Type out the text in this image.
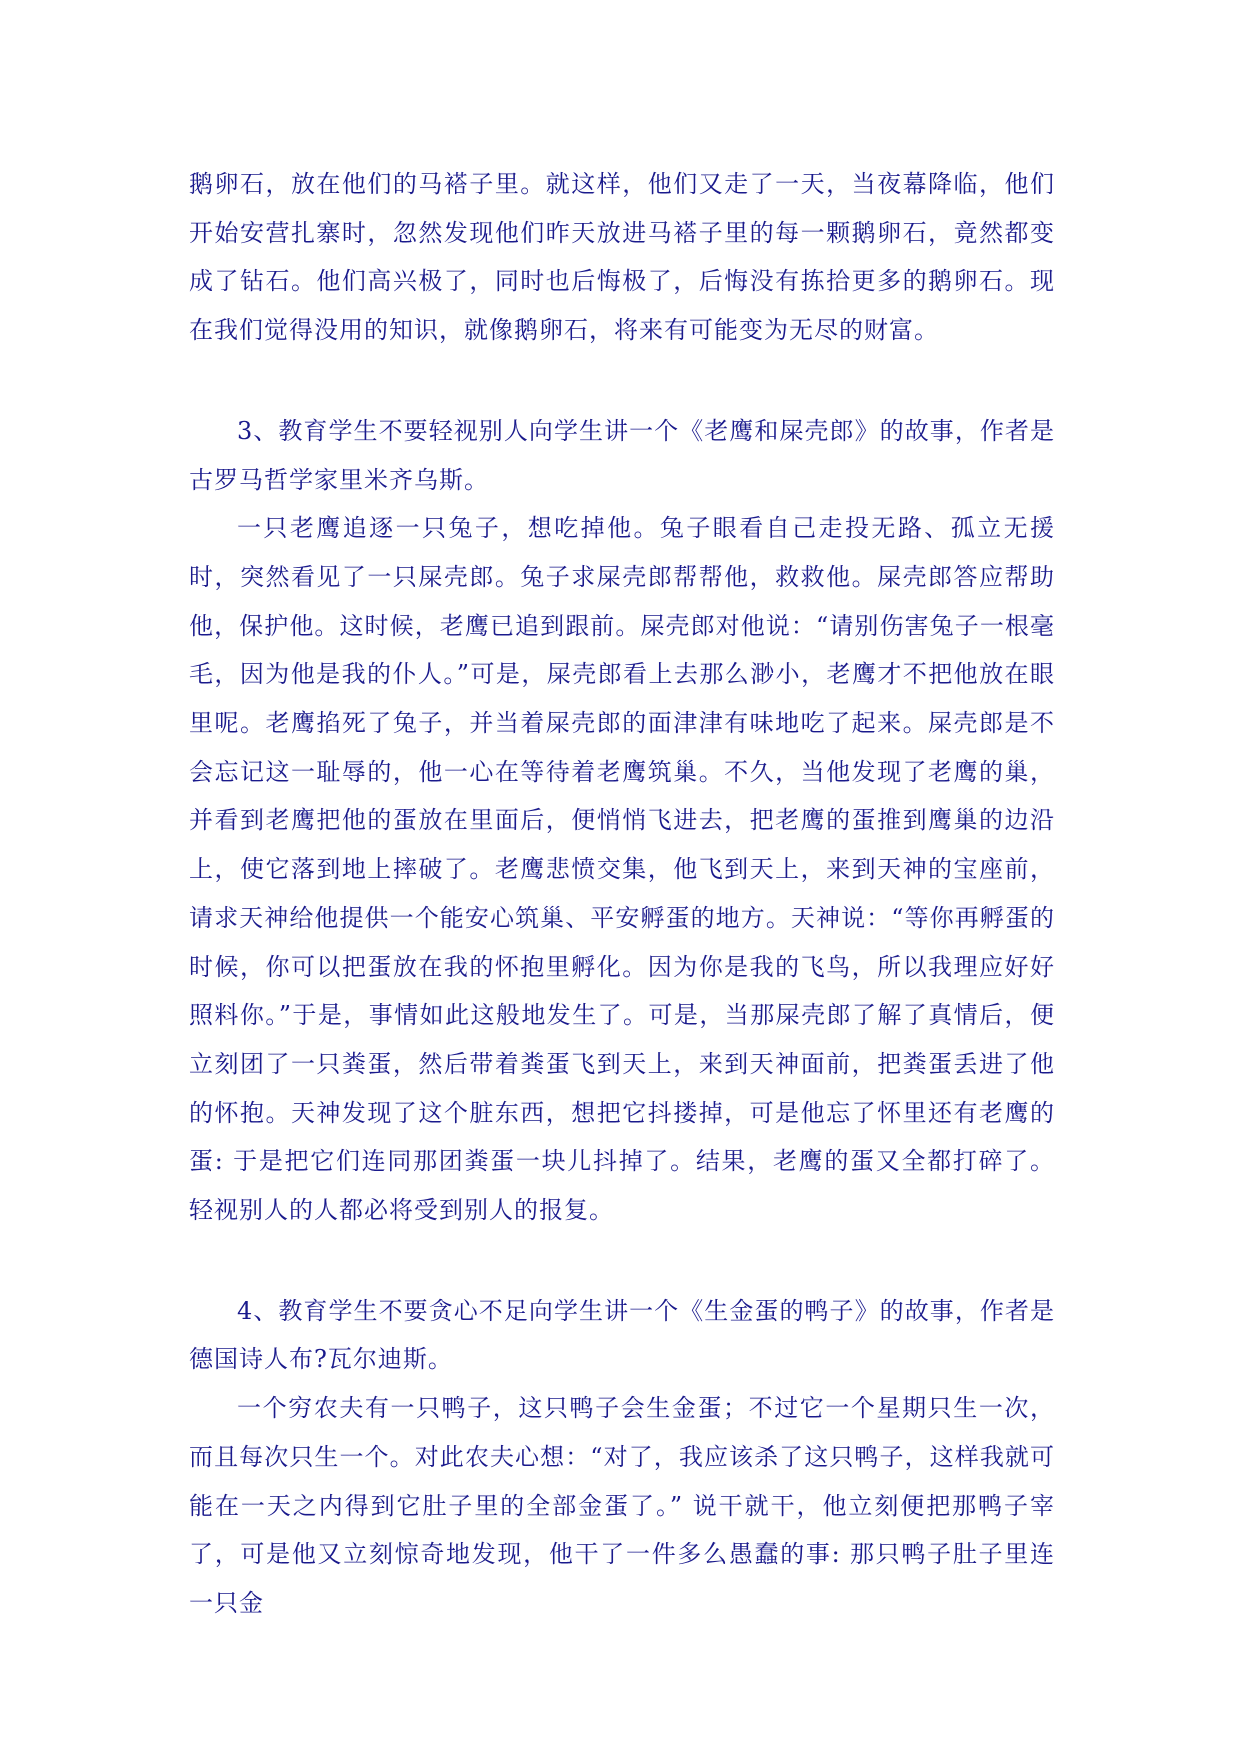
鹅卵石，放在他们的马褡子里。就这样，他们又走了一天，当夜幕降临，他们开始安营扎寨时，忽然发现他们昨天放进马褡子里的每一颗鹅卵石，竟然都变成了钻石。他们高兴极了，同时也后悔极了，后悔没有拣拾更多的鹅卵石。现在我们觉得没用的知识，就像鹅卵石，将来有可能变为无尽的财富。

3、教育学生不要轻视别人向学生讲一个《老鹰和屎壳郎》的故事，作者是古罗马哲学家里米齐乌斯。

一只老鹰追逐一只兔子，想吃掉他。兔子眼看自己走投无路、孤立无援时，突然看见了一只屎壳郎。兔子求屎壳郎帮帮他，救救他。屎壳郎答应帮助他，保护他。这时候，老鹰已追到跟前。屎壳郎对他说：“请别伤害兔子一根毫毛，因为他是我的仆人。”可是，屎壳郎看上去那么渺小，老鹰才不把他放在眼里呢。老鹰掐死了兔子，并当着屎壳郎的面津津有味地吃了起来。屎壳郎是不会忘记这一耻辱的，他一心在等待着老鹰筑巢。不久，当他发现了老鹰的巢，并看到老鹰把他的蛋放在里面后，便悄悄飞进去，把老鹰的蛋推到鹰巢的边沿上，使它落到地上摔破了。老鹰悲愤交集，他飞到天上，来到天神的宝座前，请求天神给他提供一个能安心筑巢、平安孵蛋的地方。天神说：“等你再孵蛋的时候，你可以把蛋放在我的怀抱里孵化。因为你是我的飞鸟，所以我理应好好照料你。”于是，事情如此这般地发生了。可是，当那屎壳郎了解了真情后，便立刻团了一只粪蛋，然后带着粪蛋飞到天上，来到天神面前，把粪蛋丢进了他的怀抱。天神发现了这个脏东西，想把它抖搂掉，可是他忘了怀里还有老鹰的蛋: 于是把它们连同那团粪蛋一块儿抖掉了。结果，老鹰的蛋又全都打碎了。轻视别人的人都必将受到别人的报复。

4、教育学生不要贪心不足向学生讲一个《生金蛋的鸭子》的故事，作者是德国诗人布?瓦尔迪斯。

一个穷农夫有一只鸭子，这只鸭子会生金蛋；不过它一个星期只生一次，而且每次只生一个。对此农夫心想：“对了，我应该杀了这只鸭子，这样我就可能在一天之内得到它肚子里的全部金蛋了。” 说干就干，他立刻便把那鸭子宰了，可是他又立刻惊奇地发现，他干了一件多么愚蠢的事: 那只鸭子肚子里连一只金
